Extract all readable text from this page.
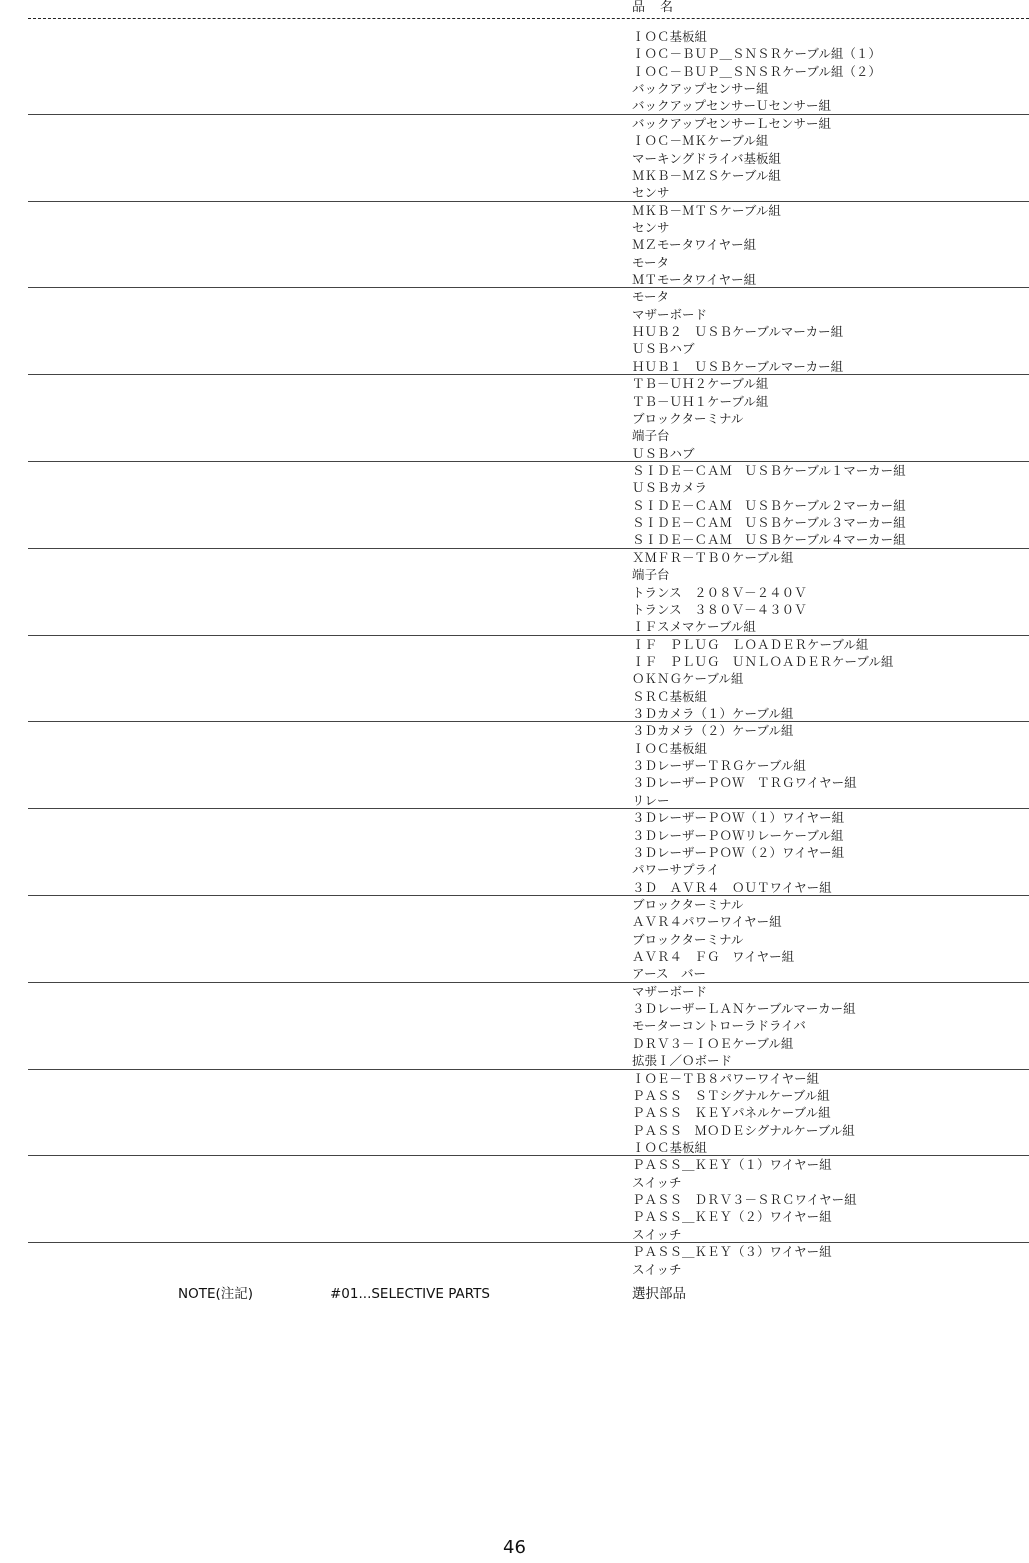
品　名
ＩＯＣ基板組
ＩＯＣ－ＢＵＰ＿ＳＮＳＲケーブル組（１）
ＩＯＣ－ＢＵＰ＿ＳＮＳＲケーブル組（２）
バックアップセンサー組
バックアップセンサーＵセンサー組
バックアップセンサーＬセンサー組
ＩＯＣ－ＭＫケーブル組
マーキングドライバ基板組
ＭＫＢ－ＭＺＳケーブル組
センサ
ＭＫＢ－ＭＴＳケーブル組
センサ
ＭＺモータワイヤー組
モータ
ＭＴモータワイヤー組
モータ
マザーボード
ＨＵＢ２　ＵＳＢケーブルマーカー組
ＵＳＢハブ
ＨＵＢ１　ＵＳＢケーブルマーカー組
ＴＢ－ＵＨ２ケーブル組
ＴＢ－ＵＨ１ケーブル組
ブロックターミナル
端子台
ＵＳＢハブ
ＳＩＤＥ－ＣＡＭ　ＵＳＢケーブル１マーカー組
ＵＳＢカメラ
ＳＩＤＥ－ＣＡＭ　ＵＳＢケーブル２マーカー組
ＳＩＤＥ－ＣＡＭ　ＵＳＢケーブル３マーカー組
ＳＩＤＥ－ＣＡＭ　ＵＳＢケーブル４マーカー組
ＸＭＦＲ－ＴＢ０ケーブル組
端子台
トランス　２０８Ｖ－２４０Ｖ
トランス　３８０Ｖ－４３０Ｖ
ＩＦスメマケーブル組
ＩＦ　ＰＬＵＧ　ＬＯＡＤＥＲケーブル組
ＩＦ　ＰＬＵＧ　ＵＮＬＯＡＤＥＲケーブル組
ＯＫＮＧケーブル組
ＳＲＣ基板組
３Ｄカメラ（１）ケーブル組
３Ｄカメラ（２）ケーブル組
ＩＯＣ基板組
３ＤレーザーＴＲＧケーブル組
３ＤレーザーＰＯＷ　ＴＲＧワイヤー組
リレー
３ＤレーザーＰＯＷ（１）ワイヤー組
３ＤレーザーＰＯＷリレーケーブル組
３ＤレーザーＰＯＷ（２）ワイヤー組
パワーサプライ
３Ｄ　ＡＶＲ４　ＯＵＴワイヤー組
ブロックターミナル
ＡＶＲ４パワーワイヤー組
ブロックターミナル
ＡＶＲ４　ＦＧ　ワイヤー組
アース　バー
マザーボード
３ＤレーザーＬＡＮケーブルマーカー組
モーターコントローラドライバ
ＤＲＶ３－ＩＯＥケーブル組
拡張Ｉ／Ｏボード
ＩＯＥ－ＴＢ８パワーワイヤー組
ＰＡＳＳ　ＳＴシグナルケーブル組
ＰＡＳＳ　ＫＥＹパネルケーブル組
ＰＡＳＳ　ＭＯＤＥシグナルケーブル組
ＩＯＣ基板組
ＰＡＳＳ＿ＫＥＹ（１）ワイヤー組
スイッチ
ＰＡＳＳ　ＤＲＶ３－ＳＲＣワイヤー組
ＰＡＳＳ＿ＫＥＹ（２）ワイヤー組
スイッチ
ＰＡＳＳ＿ＫＥＹ（３）ワイヤー組
スイッチ
NOTE(注記)	#01...SELECTIVE PARTS	選択部品
46
